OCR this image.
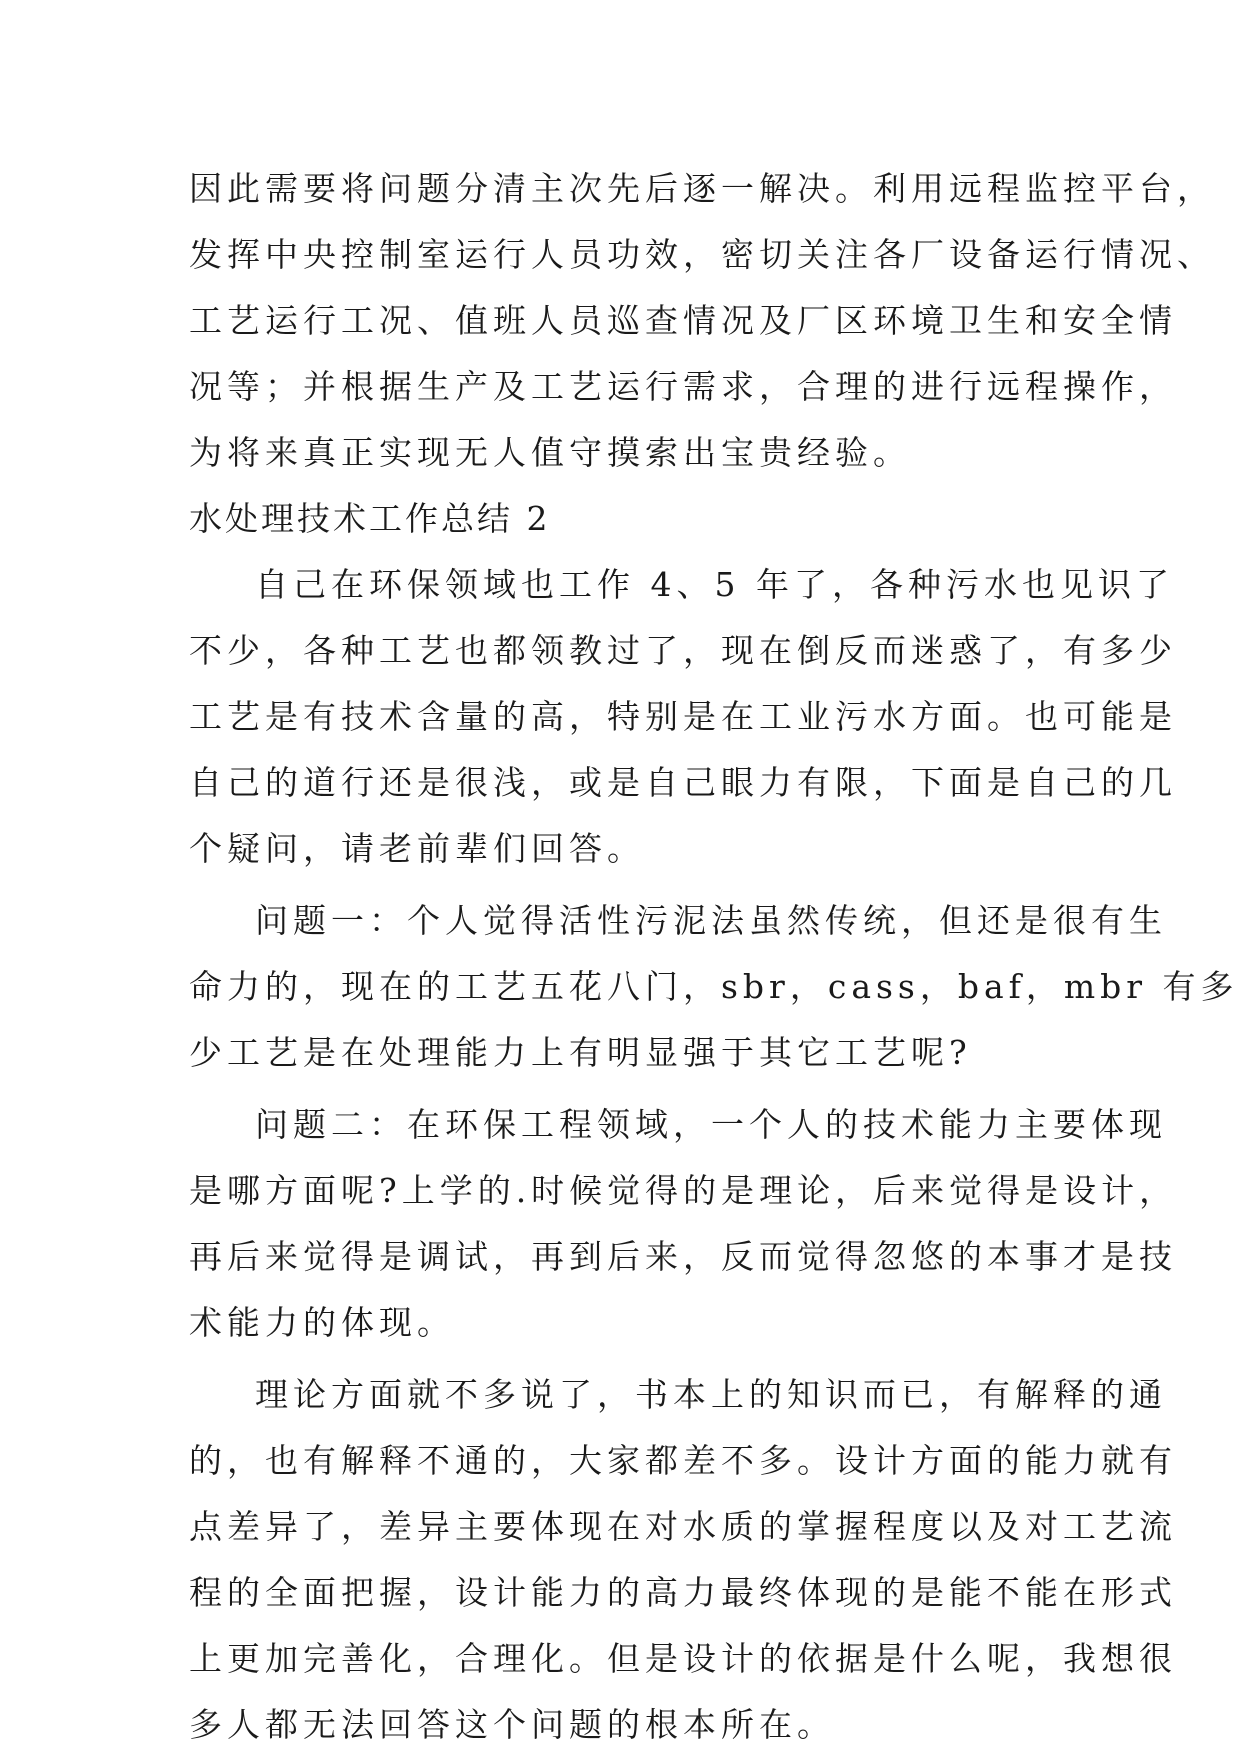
因此需要将问题分清主次先后逐一解决。利用远程监控平台，
发挥中央控制室运行人员功效，密切关注各厂设备运行情况、
工艺运行工况、值班人员巡查情况及厂区环境卫生和安全情
况等；并根据生产及工艺运行需求，合理的进行远程操作，
为将来真正实现无人值守摸索出宝贵经验。
水处理技术工作总结 2
自己在环保领域也工作 4、5 年了，各种污水也见识了
不少，各种工艺也都领教过了，现在倒反而迷惑了，有多少
工艺是有技术含量的高，特别是在工业污水方面。也可能是
自己的道行还是很浅，或是自己眼力有限，下面是自己的几
个疑问，请老前辈们回答。
问题一：个人觉得活性污泥法虽然传统，但还是很有生
命力的，现在的工艺五花八门，sbr，cass，baf，mbr 有多
少工艺是在处理能力上有明显强于其它工艺呢?
问题二：在环保工程领域，一个人的技术能力主要体现
是哪方面呢?上学的.时候觉得的是理论，后来觉得是设计，
再后来觉得是调试，再到后来，反而觉得忽悠的本事才是技
术能力的体现。
理论方面就不多说了，书本上的知识而已，有解释的通
的，也有解释不通的，大家都差不多。设计方面的能力就有
点差异了，差异主要体现在对水质的掌握程度以及对工艺流
程的全面把握，设计能力的高力最终体现的是能不能在形式
上更加完善化，合理化。但是设计的依据是什么呢，我想很
多人都无法回答这个问题的根本所在。
